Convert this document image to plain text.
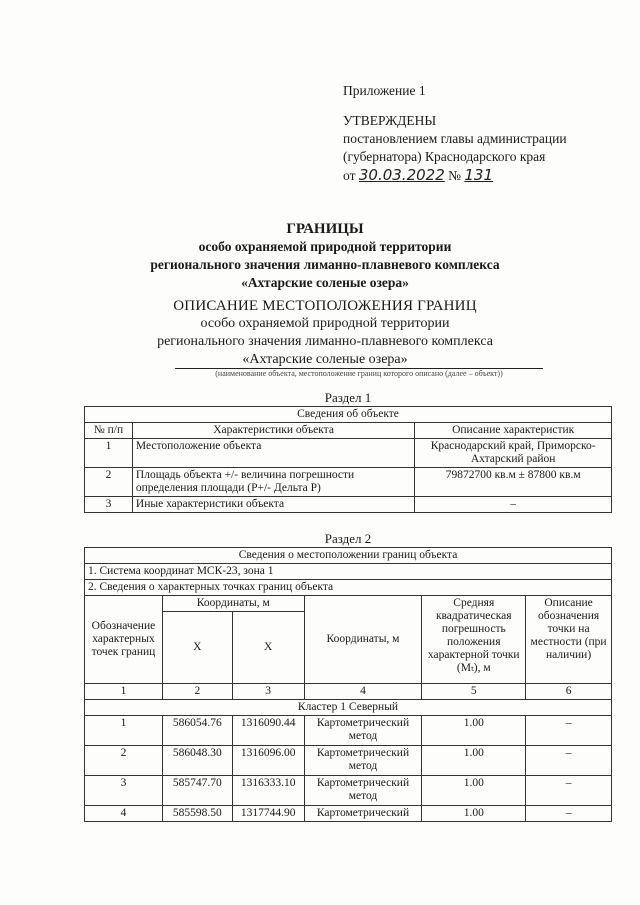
Приложение 1
УТВЕРЖДЕНЫ
постановлением главы администрации
(губернатора) Краснодарского края
от 30.03.2022 № 131
ГРАНИЦЫ
особо охраняемой природной территории
регионального значения лиманно-плавневого комплекса
«Ахтарские соленые озера»
ОПИСАНИЕ МЕСТОПОЛОЖЕНИЯ ГРАНИЦ
особо охраняемой природной территории
регионального значения лиманно-плавневого комплекса
«Ахтарские соленые озера»
(наименование объекта, местоположение границ которого описано (далее – объект))
Раздел 1
Сведения об объекте		
№ п/п	Характеристики объекта	Описание характеристик
1	Местоположение объекта	Краснодарский край, Приморско-Ахтарский район
2	Площадь объекта +/- величина погрешности определения площади (P+/- Дельта P)	79872700 кв.м ± 87800 кв.м
3	Иные характеристики объекта	–
Раздел 2
Сведения о местоположении границ объекта					
1. Система координат МСК-23, зона 1					
2. Сведения о характерных точках границ объекта					
Обозначение характерных точек границ	Координаты, м		Координаты, м	Средняя квадратическая погрешность положения характерной точки (Mₜ), м	Описание обозначения точки на местности (при наличии)
	X	X			
1	2	3	4	5	6
Кластер 1 Северный					
1	586054.76	1316090.44	Картометрический метод	1.00	–
2	586048.30	1316096.00	Картометрический метод	1.00	–
3	585747.70	1316333.10	Картометрический метод	1.00	–
4	585598.50	1317744.90	Картометрический	1.00	–
